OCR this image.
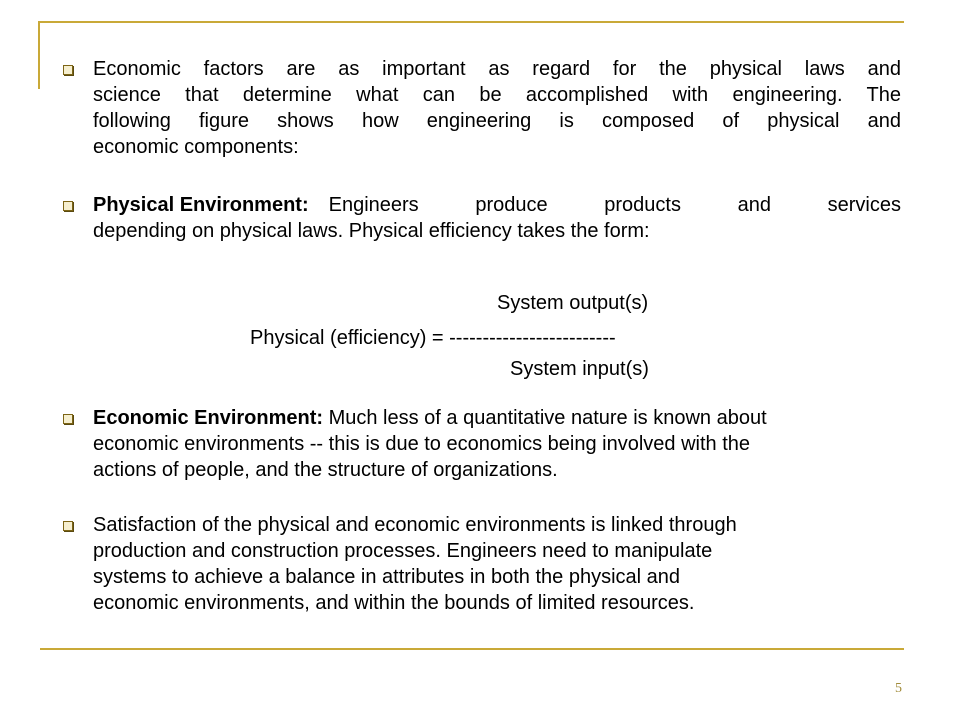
Economic factors are as important as regard for the physical laws and
science that determine what can be accomplished with engineering. The
following figure shows how engineering is composed of physical and
economic components:
Physical Environment: Engineers produce products and services
depending on physical laws. Physical efficiency takes the form:
System output(s)
Physical (efficiency) = -------------------------
System input(s)
Economic Environment: Much less of a quantitative nature is known about
economic environments -- this is due to economics being involved with the
actions of people, and the structure of organizations.
Satisfaction of the physical and economic environments is linked through
production and construction processes. Engineers need to manipulate
systems to achieve a balance in attributes in both the physical and
economic environments, and within the bounds of limited resources.
5
